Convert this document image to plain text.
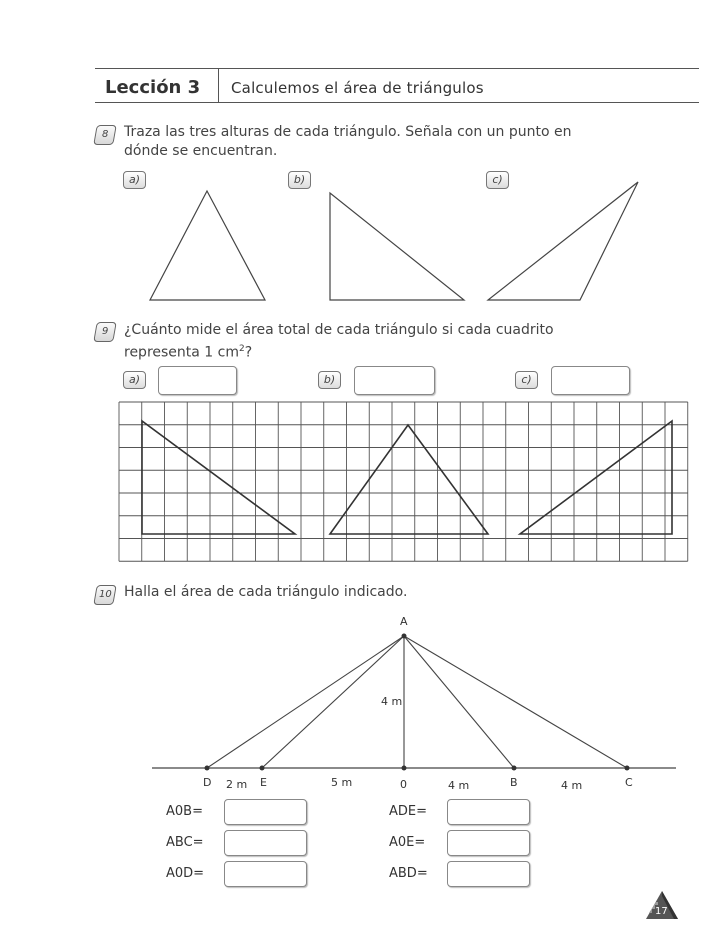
Lección 3 Calculemos el área de triángulos
8	Traza las tres alturas de cada triángulo. Señala con un punto en
dónde se encuentran.
a)	b)	c)
9	¿Cuánto mide el área total de cada triángulo si cada cuadrito
representa 1 $cm^2$?
a)	b)	c)
10 Halla el área de cada triángulo indicado.
A
4 m
D 2 m E	5 m	0	4 m	B	4 m	C
A0B=
ABC=
A0D=
ADE=
A0E=
ABD=
17
